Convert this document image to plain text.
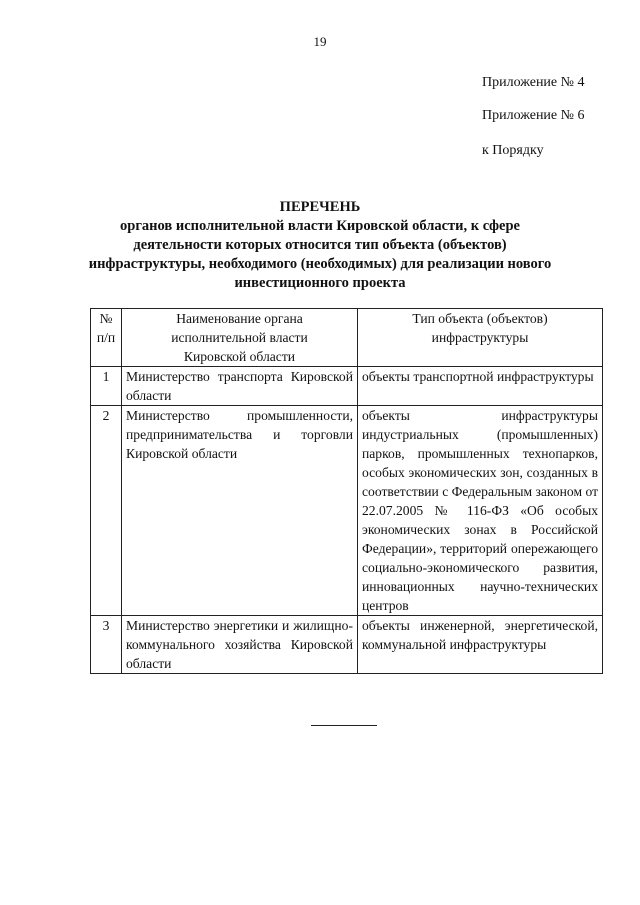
19
Приложение № 4
Приложение № 6
к Порядку
ПЕРЕЧЕНЬ
органов исполнительной власти Кировской области, к сфере
деятельности которых относится тип объекта (объектов)
инфраструктуры, необходимого (необходимых) для реализации нового
инвестиционного проекта
№ п/п	Наименование органа исполнительной власти Кировской области	Тип объекта (объектов) инфраструктуры
1	Министерство транспорта Кировской области	объекты транспортной инфраструктуры
2	Министерство промышленности, предпринимательства и торговли Кировской области	объекты инфраструктуры индустриальных (промышленных) парков, промышленных технопарков, особых экономических зон, созданных в соответствии с Федеральным законом от 22.07.2005 № 116-ФЗ «Об особых экономических зонах в Российской Федерации», территорий опережающего социально-экономического развития, инновационных научно-технических центров
3	Министерство энергетики и жилищно-коммунального хозяйства Кировской области	объекты инженерной, энергетической, коммунальной инфраструктуры
